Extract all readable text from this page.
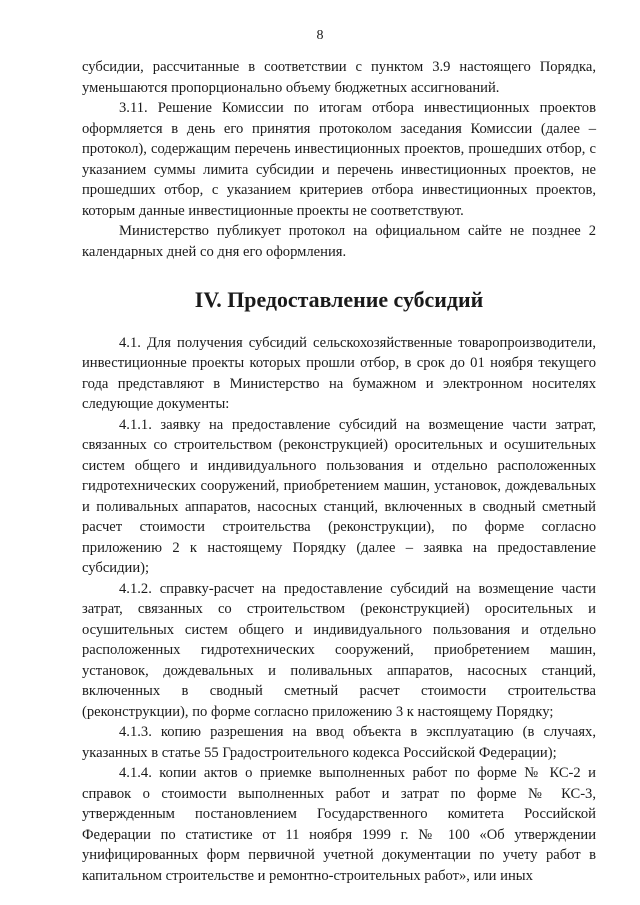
8

субсидии, рассчитанные в соответствии с пунктом 3.9 настоящего Порядка, уменьшаются пропорционально объему бюджетных ассигнований.

3.11. Решение Комиссии по итогам отбора инвестиционных проектов оформляется в день его принятия протоколом заседания Комиссии (далее – протокол), содержащим перечень инвестиционных проектов, прошедших отбор, с указанием суммы лимита субсидии и перечень инвестиционных проектов, не прошедших отбор, с указанием критериев отбора инвестиционных проектов, которым данные инвестиционные проекты не соответствуют.

Министерство публикует протокол на официальном сайте не позднее 2 календарных дней со дня его оформления.

IV. Предоставление субсидий

4.1. Для получения субсидий сельскохозяйственные товаропроизводители, инвестиционные проекты которых прошли отбор, в срок до 01 ноября текущего года представляют в Министерство на бумажном и электронном носителях следующие документы:

4.1.1. заявку на предоставление субсидий на возмещение части затрат, связанных со строительством (реконструкцией) оросительных и осушительных систем общего и индивидуального пользования и отдельно расположенных гидротехнических сооружений, приобретением машин, установок, дождевальных и поливальных аппаратов, насосных станций, включенных в сводный сметный расчет стоимости строительства (реконструкции), по форме согласно приложению 2 к настоящему Порядку (далее – заявка на предоставление субсидии);

4.1.2. справку-расчет на предоставление субсидий на возмещение части затрат, связанных со строительством (реконструкцией) оросительных и осушительных систем общего и индивидуального пользования и отдельно расположенных гидротехнических сооружений, приобретением машин, установок, дождевальных и поливальных аппаратов, насосных станций, включенных в сводный сметный расчет стоимости строительства (реконструкции), по форме согласно приложению 3 к настоящему Порядку;

4.1.3. копию разрешения на ввод объекта в эксплуатацию (в случаях, указанных в статье 55 Градостроительного кодекса Российской Федерации);

4.1.4. копии актов о приемке выполненных работ по форме № КС-2 и справок о стоимости выполненных работ и затрат по форме № КС-3, утвержденным постановлением Государственного комитета Российской Федерации по статистике от 11 ноября 1999 г. № 100 «Об утверждении унифицированных форм первичной учетной документации по учету работ в капитальном строительстве и ремонтно-строительных работ», или иных
